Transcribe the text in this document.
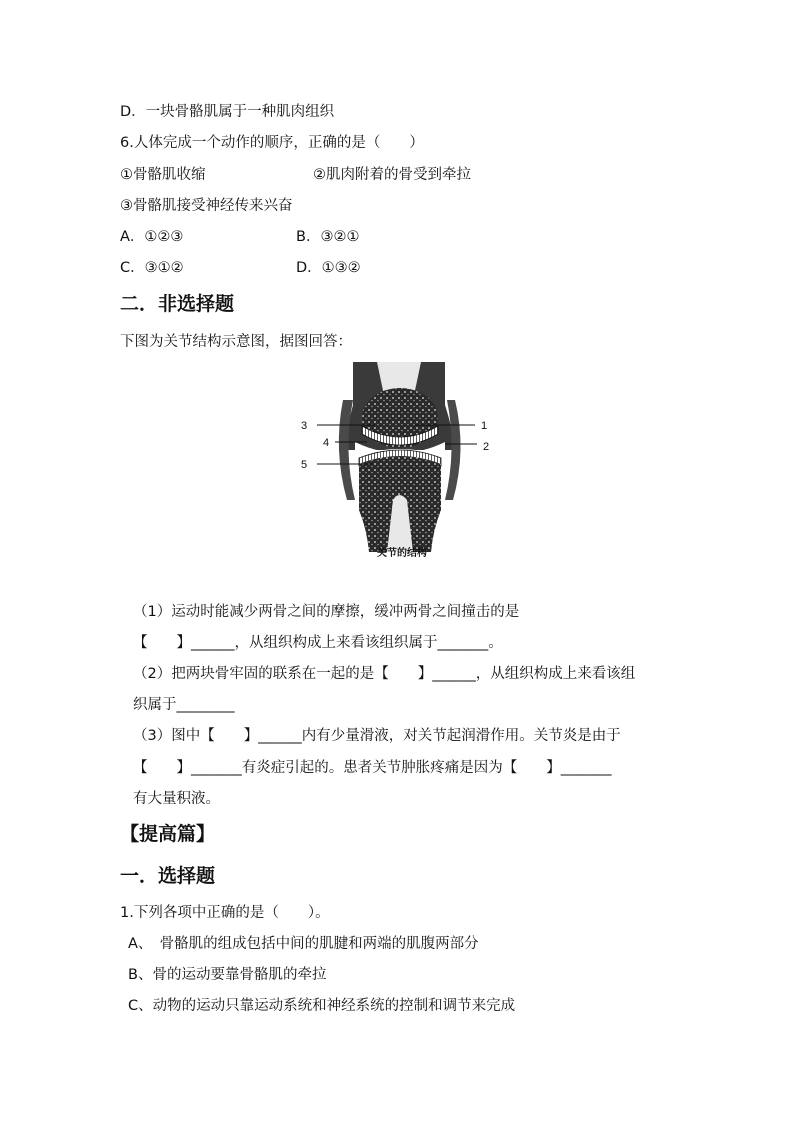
D．一块骨骼肌属于一种肌肉组织
6.人体完成一个动作的顺序，正确的是（　　）
①骨骼肌收缩	②肌肉附着的骨受到牵拉
③骨骼肌接受神经传来兴奋
A．①②③	B．③②①
C．③①②	D．①③②
二．非选择题
下图为关节结构示意图，据图回答：
3	1
4	2
5
关节的结构
（1）运动时能减少两骨之间的摩擦，缓冲两骨之间撞击的是
【　　】______，从组织构成上来看该组织属于_______。
（2）把两块骨牢固的联系在一起的是【　　】______，从组织构成上来看该组
织属于________
（3）图中【　　】______内有少量滑液，对关节起润滑作用。关节炎是由于
【　　】_______有炎症引起的。患者关节肿胀疼痛是因为【　　】_______
有大量积液。
【提高篇】
一．选择题
1.下列各项中正确的是（　　）。
A、　骨骼肌的组成包括中间的肌腱和两端的肌腹两部分
B、骨的运动要靠骨骼肌的牵拉
C、动物的运动只靠运动系统和神经系统的控制和调节来完成
